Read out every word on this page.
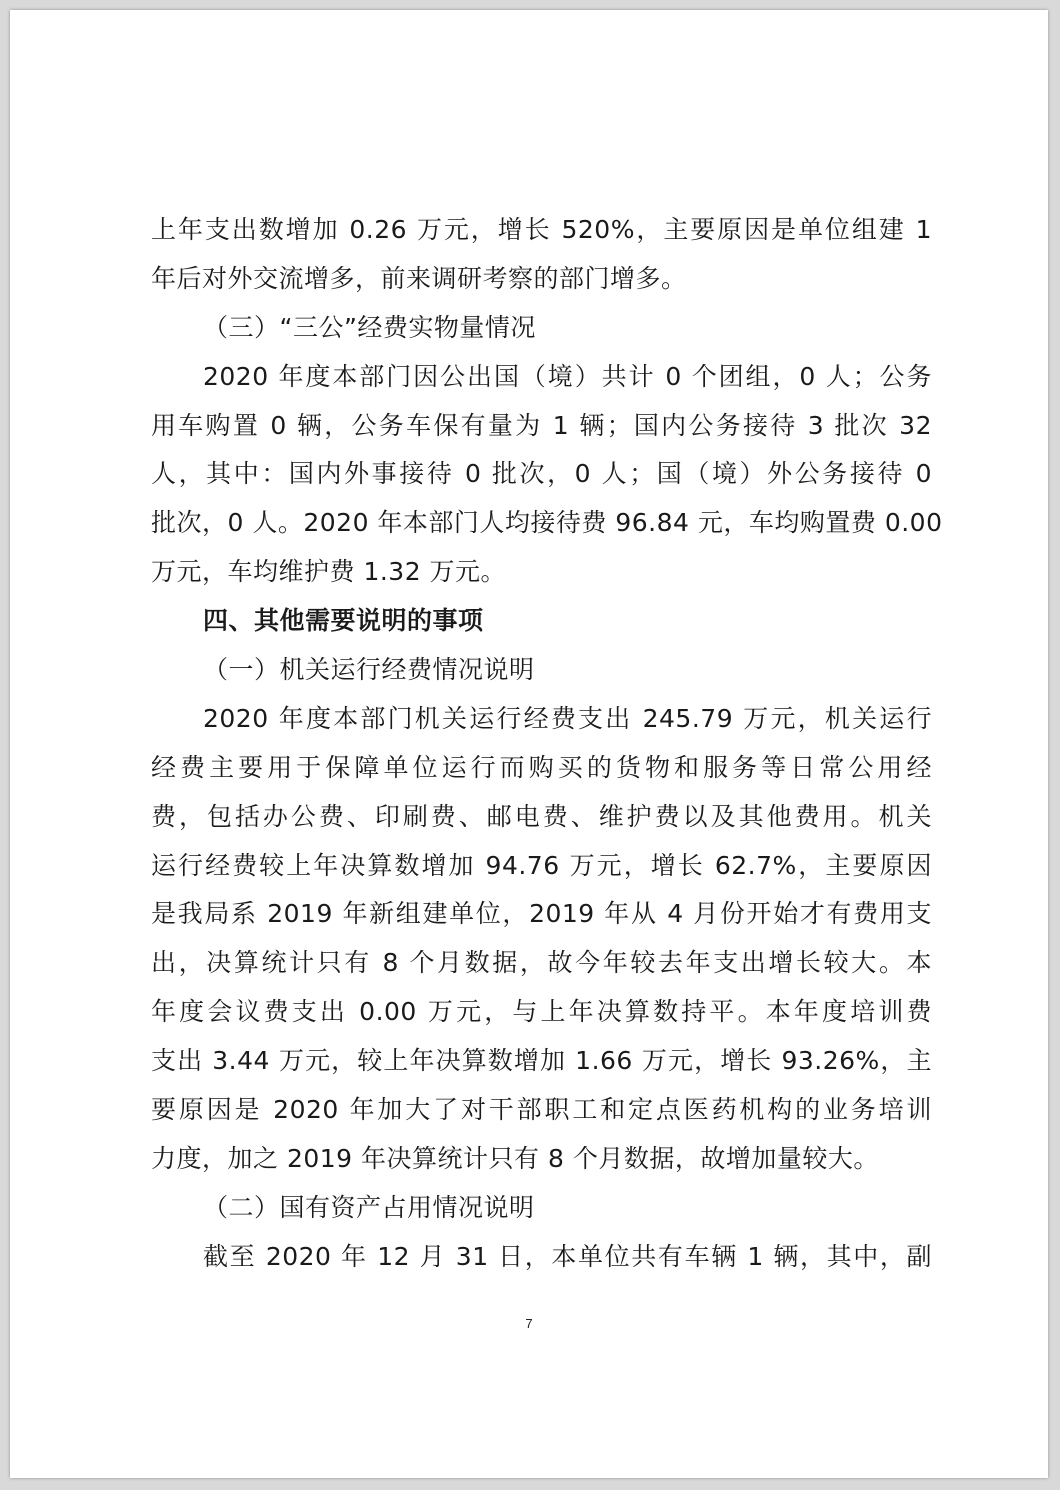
上年支出数增加 0.26 万元，增长 520%，主要原因是单位组建 1
年后对外交流增多，前来调研考察的部门增多。
（三）“三公”经费实物量情况
2020 年度本部门因公出国（境）共计 0 个团组，0 人；公务
用车购置 0 辆，公务车保有量为 1 辆；国内公务接待 3 批次 32
人，其中：国内外事接待 0 批次，0 人；国（境）外公务接待 0
批次，0 人。2020 年本部门人均接待费 96.84 元，车均购置费 0.00
万元，车均维护费 1.32 万元。
四、其他需要说明的事项
（一）机关运行经费情况说明
2020 年度本部门机关运行经费支出 245.79 万元，机关运行
经费主要用于保障单位运行而购买的货物和服务等日常公用经
费，包括办公费、印刷费、邮电费、维护费以及其他费用。机关
运行经费较上年决算数增加 94.76 万元，增长 62.7%，主要原因
是我局系 2019 年新组建单位，2019 年从 4 月份开始才有费用支
出，决算统计只有 8 个月数据，故今年较去年支出增长较大。本
年度会议费支出 0.00 万元，与上年决算数持平。本年度培训费
支出 3.44 万元，较上年决算数增加 1.66 万元，增长 93.26%，主
要原因是 2020 年加大了对干部职工和定点医药机构的业务培训
力度，加之 2019 年决算统计只有 8 个月数据，故增加量较大。
（二）国有资产占用情况说明
截至 2020 年 12 月 31 日，本单位共有车辆 1 辆，其中，副
7
